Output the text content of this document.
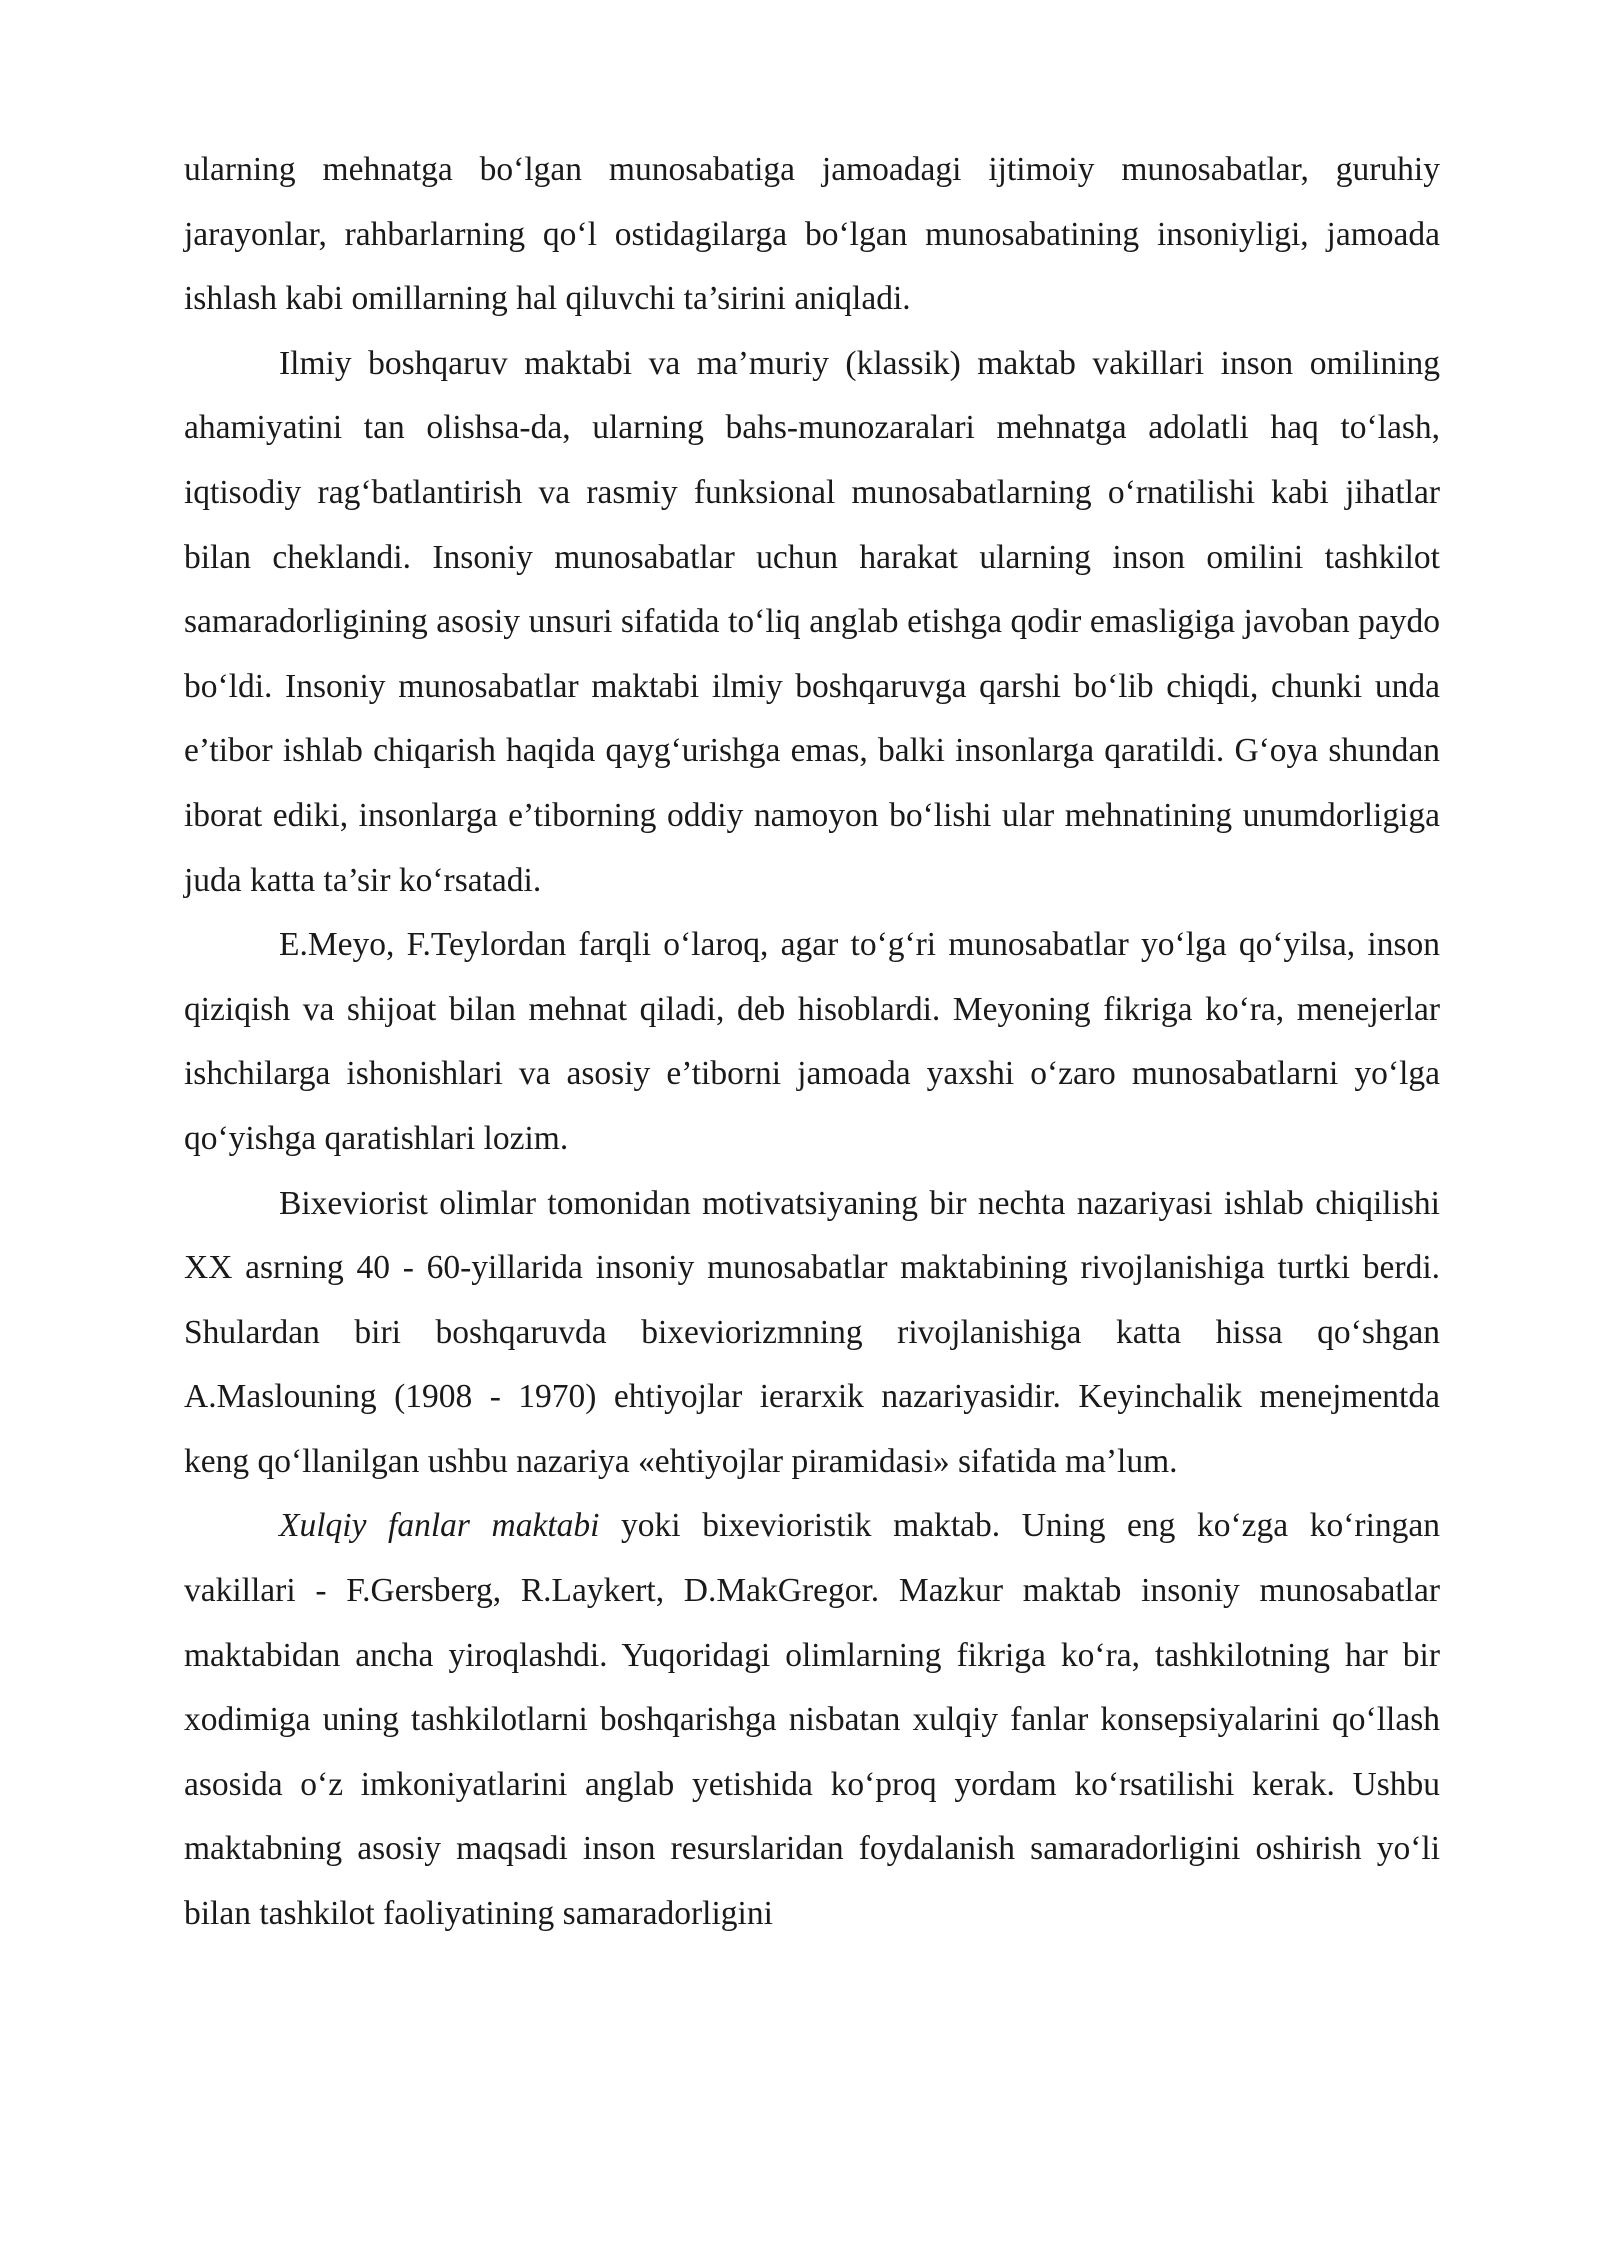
ularning mehnatga bo‘lgan munosabatiga jamoadagi ijtimoiy munosabatlar, guruhiy jarayonlar, rahbarlarning qo‘l ostidagilarga bo‘lgan munosabatining insoniyligi, jamoada ishlash kabi omillarning hal qiluvchi ta’sirini aniqladi.

Ilmiy boshqaruv maktabi va ma’muriy (klassik) maktab vakillari inson omilining ahamiyatini tan olishsa-da, ularning bahs-munozaralari mehnatga adolatli haq to‘lash, iqtisodiy rag‘batlantirish va rasmiy funksional munosabatlarning o‘rnatilishi kabi jihatlar bilan cheklandi. Insoniy munosabatlar uchun harakat ularning inson omilini tashkilot samaradorligining asosiy unsuri sifatida to‘liq anglab etishga qodir emasligiga javoban paydo bo‘ldi. Insoniy munosabatlar maktabi ilmiy boshqaruvga qarshi bo‘lib chiqdi, chunki unda e’tibor ishlab chiqarish haqida qayg‘urishga emas, balki insonlarga qaratildi. G‘oya shundan iborat ediki, insonlarga e’tiborning oddiy namoyon bo‘lishi ular mehnatining unumdorligiga juda katta ta’sir ko‘rsatadi.

E.Meyo, F.Teylordan farqli o‘laroq, agar to‘g‘ri munosabatlar yo‘lga qo‘yilsa, inson qiziqish va shijoat bilan mehnat qiladi, deb hisoblardi. Meyoning fikriga ko‘ra, menejerlar ishchilarga ishonishlari va asosiy e’tiborni jamoada yaxshi o‘zaro munosabatlarni yo‘lga qo‘yishga qaratishlari lozim.

Bixeviorist olimlar tomonidan motivatsiyaning bir nechta nazariyasi ishlab chiqilishi XX asrning 40 - 60-yillarida insoniy munosabatlar maktabining rivojlanishiga turtki berdi. Shulardan biri boshqaruvda bixeviorizmning rivojlanishiga katta hissa qo‘shgan A.Maslouning (1908 - 1970) ehtiyojlar ierarxik nazariyasidir. Keyinchalik menejmentda keng qo‘llanilgan ushbu nazariya «ehtiyojlar piramidasi» sifatida ma’lum.

Xulqiy fanlar maktabi yoki bixevioristik maktab. Uning eng ko‘zga ko‘ringan vakillari - F.Gersberg, R.Laykert, D.MakGregor. Mazkur maktab insoniy munosabatlar maktabidan ancha yiroqlashdi. Yuqoridagi olimlarning fikriga ko‘ra, tashkilotning har bir xodimiga uning tashkilotlarni boshqarishga nisbatan xulqiy fanlar konsepsiyalarini qo‘llash asosida o‘z imkoniyatlarini anglab yetishida ko‘proq yordam ko‘rsatilishi kerak. Ushbu maktabning asosiy maqsadi inson resurslaridan foydalanish samaradorligini oshirish yo‘li bilan tashkilot faoliyatining samaradorligini
